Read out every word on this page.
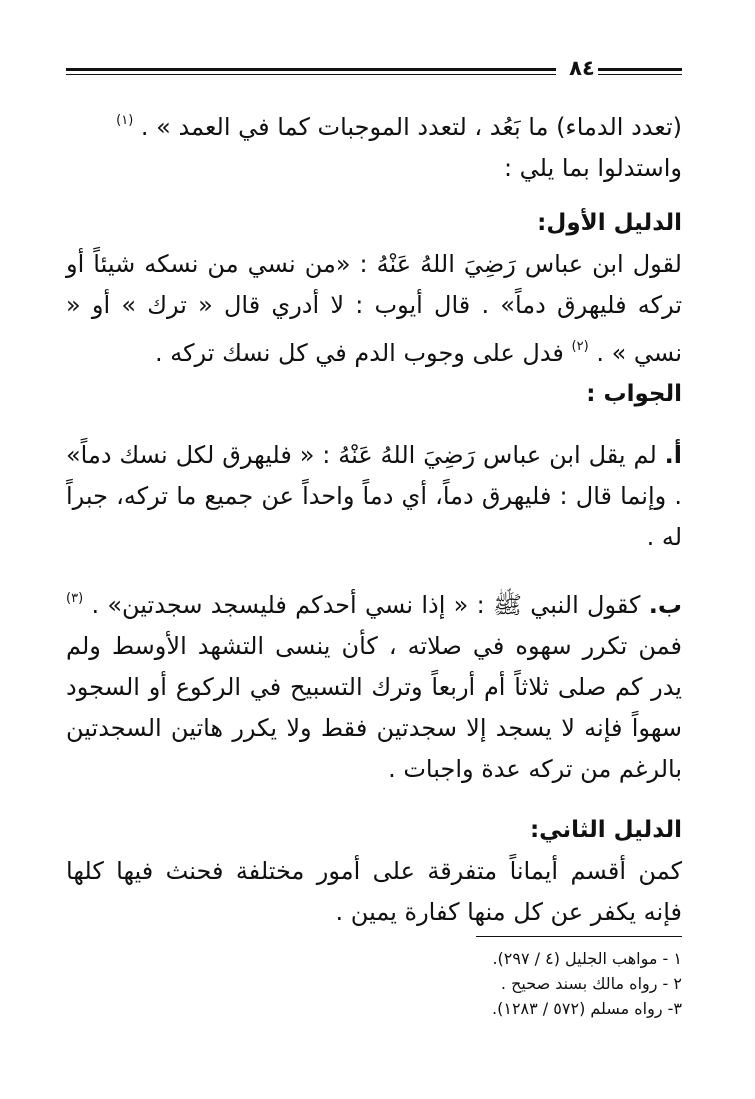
٨٤

(تعدد الدماء) ما بَعُد ، لتعدد الموجبات كما في العمد » . $^{(١)}$

واستدلوا بما يلي :

الدليل الأول:

لقول ابن عباس رَضِيَ اللهُ عَنْهُ : «من نسي من نسكه شيئاً أو تركه فليهرق دماً» . قال أيوب : لا أدري قال « ترك » أو « نسي » . $^{(٢)}$ فدل على وجوب الدم في كل نسك تركه .

الجواب :

أ. لم يقل ابن عباس رَضِيَ اللهُ عَنْهُ : « فليهرق لكل نسك دماً» . وإنما قال : فليهرق دماً، أي دماً واحداً عن جميع ما تركه، جبراً له .

ب. كقول النبي ﷺ : « إذا نسي أحدكم فليسجد سجدتين» . $^{(٣)}$ فمن تكرر سهوه في صلاته ، كأن ينسى التشهد الأوسط ولم يدر كم صلى ثلاثاً أم أربعاً وترك التسبيح في الركوع أو السجود سهواً فإنه لا يسجد إلا سجدتين فقط ولا يكرر هاتين السجدتين بالرغم من تركه عدة واجبات .

الدليل الثاني:

كمن أقسم أيماناً متفرقة على أمور مختلفة فحنث فيها كلها فإنه يكفر عن كل منها كفارة يمين .

١ - مواهب الجليل (٤ / ٢٩٧).
٢ - رواه مالك بسند صحيح .
٣- رواه مسلم (٥٧٢ / ١٢٨٣).
